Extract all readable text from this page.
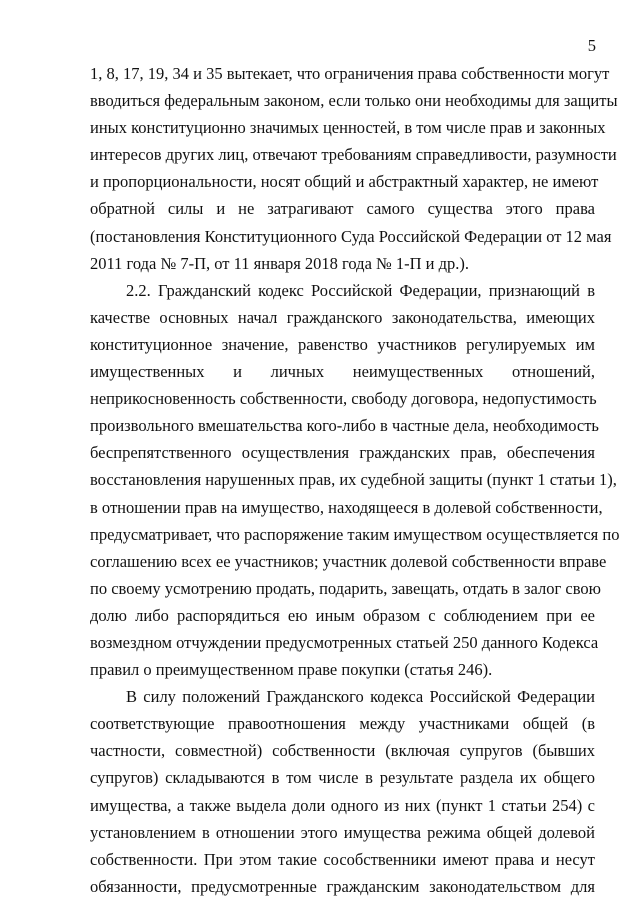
5
1, 8, 17, 19, 34 и 35 вытекает, что ограничения права собственности могут
вводиться федеральным законом, если только они необходимы для защиты
иных конституционно значимых ценностей, в том числе прав и законных
интересов других лиц, отвечают требованиям справедливости, разумности
и пропорциональности, носят общий и абстрактный характер, не имеют
обратной силы и не затрагивают самого существа этого права
(постановления Конституционного Суда Российской Федерации от 12 мая
2011 года № 7-П, от 11 января 2018 года № 1-П и др.).
2.2. Гражданский кодекс Российской Федерации, признающий в
качестве основных начал гражданского законодательства, имеющих
конституционное значение, равенство участников регулируемых им
имущественных и личных неимущественных отношений,
неприкосновенность собственности, свободу договора, недопустимость
произвольного вмешательства кого-либо в частные дела, необходимость
беспрепятственного осуществления гражданских прав, обеспечения
восстановления нарушенных прав, их судебной защиты (пункт 1 статьи 1),
в отношении прав на имущество, находящееся в долевой собственности,
предусматривает, что распоряжение таким имуществом осуществляется по
соглашению всех ее участников; участник долевой собственности вправе
по своему усмотрению продать, подарить, завещать, отдать в залог свою
долю либо распорядиться ею иным образом с соблюдением при ее
возмездном отчуждении предусмотренных статьей 250 данного Кодекса
правил о преимущественном праве покупки (статья 246).
В силу положений Гражданского кодекса Российской Федерации
соответствующие правоотношения между участниками общей (в
частности, совместной) собственности (включая супругов (бывших
супругов) складываются в том числе в результате раздела их общего
имущества, а также выдела доли одного из них (пункт 1 статьи 254) с
установлением в отношении этого имущества режима общей долевой
собственности. При этом такие сособственники имеют права и несут
обязанности, предусмотренные гражданским законодательством для
